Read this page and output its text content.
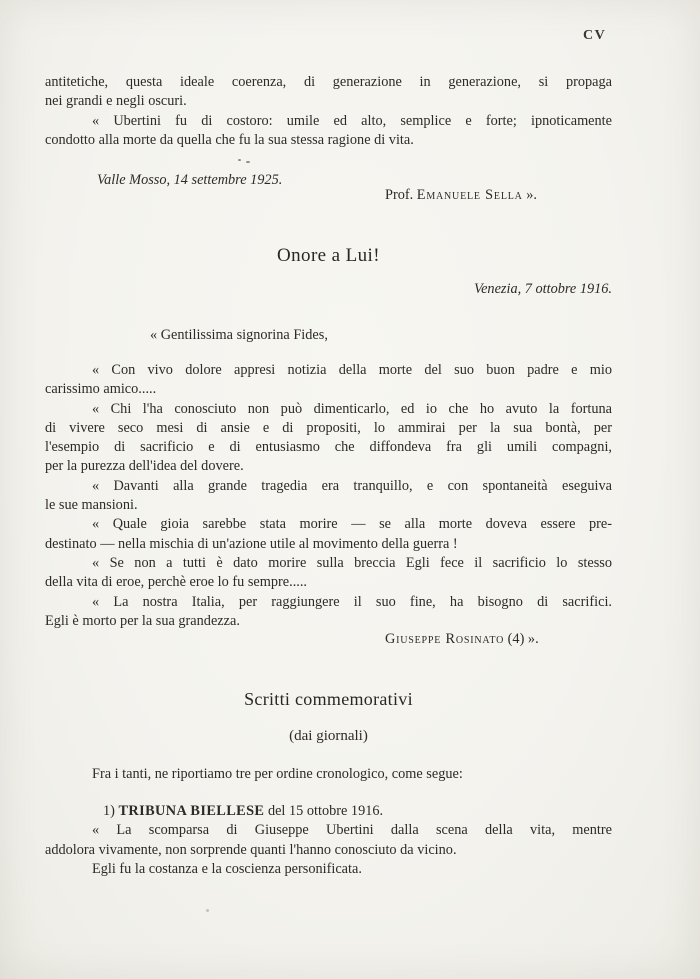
CV
antitetiche, questa ideale coerenza, di generazione in generazione, si propaga
nei grandi e negli oscuri.
« Ubertini fu di costoro: umile ed alto, semplice e forte; ipnoticamente
condotto alla morte da quella che fu la sua stessa ragione di vita.
Valle Mosso, 14 settembre 1925.
Prof. Emanuele Sella ».
Onore a Lui!
Venezia, 7 ottobre 1916.
« Gentilissima signorina Fides,
« Con vivo dolore appresi notizia della morte del suo buon padre e mio
carissimo amico.....
« Chi l'ha conosciuto non può dimenticarlo, ed io che ho avuto la fortuna
di vivere seco mesi di ansie e di propositi, lo ammirai per la sua bontà, per
l'esempio di sacrificio e di entusiasmo che diffondeva fra gli umili compagni,
per la purezza dell'idea del dovere.
« Davanti alla grande tragedia era tranquillo, e con spontaneità eseguiva
le sue mansioni.
« Quale gioia sarebbe stata morire — se alla morte doveva essere pre-
destinato — nella mischia di un'azione utile al movimento della guerra !
« Se non a tutti è dato morire sulla breccia Egli fece il sacrificio lo stesso
della vita di eroe, perchè eroe lo fu sempre.....
« La nostra Italia, per raggiungere il suo fine, ha bisogno di sacrifici.
Egli è morto per la sua grandezza.
Giuseppe Rosinato (4) ».
Scritti commemorativi
(dai giornali)
Fra i tanti, ne riportiamo tre per ordine cronologico, come segue:
1) TRIBUNA BIELLESE del 15 ottobre 1916.
« La scomparsa di Giuseppe Ubertini dalla scena della vita, mentre
addolora vivamente, non sorprende quanti l'hanno conosciuto da vicino.
Egli fu la costanza e la coscienza personificata.
